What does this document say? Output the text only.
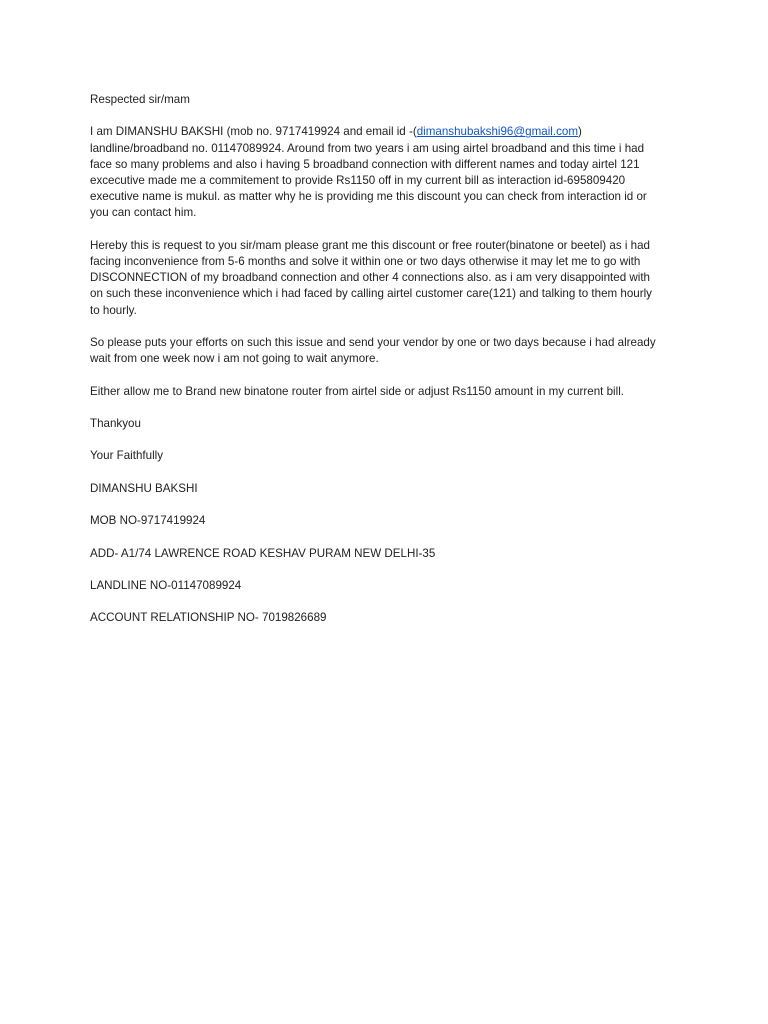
Respected sir/mam

I am DIMANSHU BAKSHI (mob no. 9717419924 and email id -(dimanshubakshi96@gmail.com)
landline/broadband no. 01147089924. Around from two years i am using airtel broadband and this time i had
face so many problems and also i having 5 broadband connection with different names and today airtel 121
excecutive made me a commitement to provide Rs1150 off in my current bill as interaction id-695809420
executive name is mukul. as matter why he is providing me this discount you can check from interaction id or
you can contact him.

Hereby this is request to you sir/mam please grant me this discount or free router(binatone or beetel) as i had
facing inconvenience from 5-6 months and solve it within one or two days otherwise it may let me to go with
DISCONNECTION of my broadband connection and other 4 connections also. as i am very disappointed with
on such these inconvenience which i had faced by calling airtel customer care(121) and talking to them hourly
to hourly.

So please puts your efforts on such this issue and send your vendor by one or two days because i had already
wait from one week now i am not going to wait anymore.

Either allow me to Brand new binatone router from airtel side or adjust Rs1150 amount in my current bill.

Thankyou

Your Faithfully

DIMANSHU BAKSHI

MOB NO-9717419924

ADD- A1/74 LAWRENCE ROAD KESHAV PURAM NEW DELHI-35

LANDLINE NO-01147089924

ACCOUNT RELATIONSHIP NO- 7019826689
